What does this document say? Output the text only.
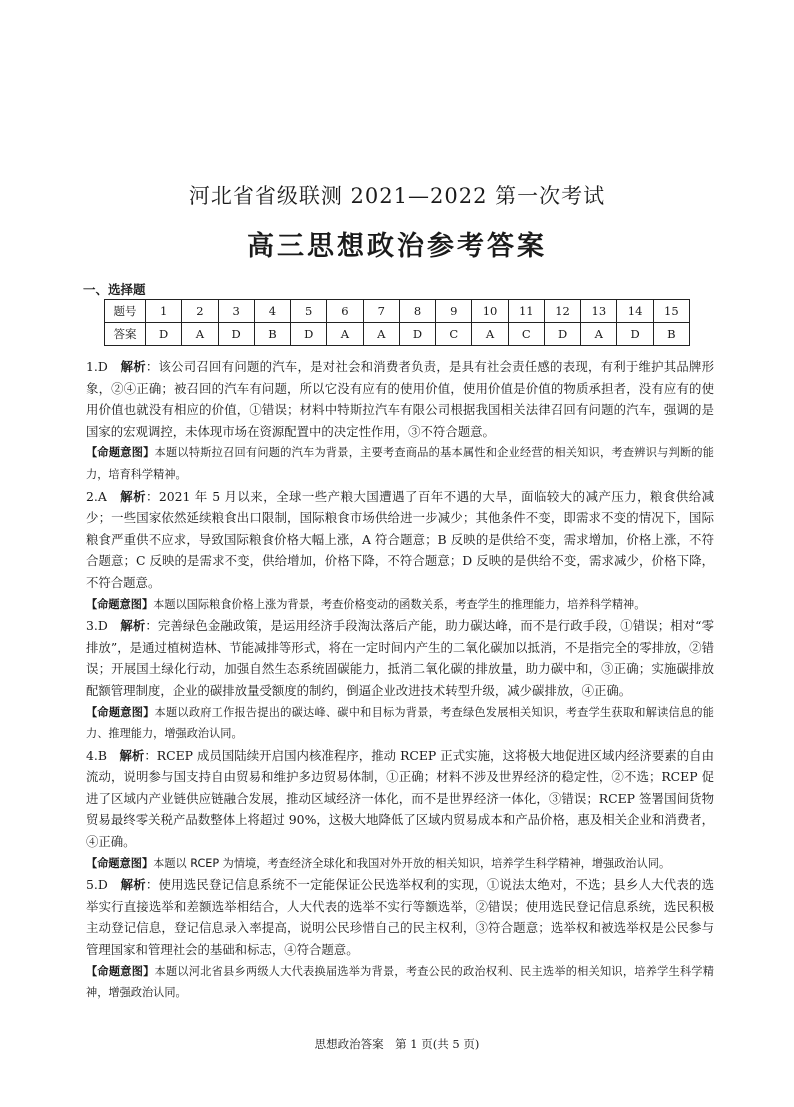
河北省省级联测 2021—2022 第一次考试
高三思想政治参考答案
一、选择题
题号	1	2	3	4	5	6	7	8	9	10	11	12	13	14	15
答案	D	A	D	B	D	A	A	D	C	A	C	D	A	D	B

1.D　 解析：该公司召回有问题的汽车，是对社会和消费者负责，是具有社会责任感的表现，有利于维护其品牌形象，②④正确；被召回的汽车有问题，所以它没有应有的使用价值，使用价值是价值的物质承担者，没有应有的使用价值也就没有相应的价值，①错误；材料中特斯拉汽车有限公司根据我国相关法律召回有问题的汽车，强调的是国家的宏观调控，未体现市场在资源配置中的决定性作用，③不符合题意。

【命题意图】本题以特斯拉召回有问题的汽车为背景，主要考查商品的基本属性和企业经营的相关知识，考查辨识与判断的能力，培育科学精神。

2.A　 解析：2021 年 5 月以来，全球一些产粮大国遭遇了百年不遇的大旱，面临较大的减产压力，粮食供给减少；一些国家依然延续粮食出口限制，国际粮食市场供给进一步减少；其他条件不变，即需求不变的情况下，国际粮食严重供不应求，导致国际粮食价格大幅上涨，A 符合题意；B 反映的是供给不变，需求增加，价格上涨，不符合题意；C 反映的是需求不变，供给增加，价格下降，不符合题意；D 反映的是供给不变，需求减少，价格下降，不符合题意。

【命题意图】本题以国际粮食价格上涨为背景，考查价格变动的函数关系，考查学生的推理能力，培养科学精神。

3.D　 解析：完善绿色金融政策，是运用经济手段淘汰落后产能，助力碳达峰，而不是行政手段，①错误；相对“零排放”，是通过植树造林、节能减排等形式，将在一定时间内产生的二氧化碳加以抵消，不是指完全的零排放，②错误；开展国土绿化行动，加强自然生态系统固碳能力，抵消二氧化碳的排放量，助力碳中和，③正确；实施碳排放配额管理制度，企业的碳排放量受额度的制约，倒逼企业改进技术转型升级，减少碳排放，④正确。

【命题意图】本题以政府工作报告提出的碳达峰、碳中和目标为背景，考查绿色发展相关知识，考查学生获取和解读信息的能力、推理能力，增强政治认同。

4.B　 解析：RCEP 成员国陆续开启国内核准程序，推动 RCEP 正式实施，这将极大地促进区域内经济要素的自由流动，说明参与国支持自由贸易和维护多边贸易体制，①正确；材料不涉及世界经济的稳定性，②不选；RCEP 促进了区域内产业链供应链融合发展，推动区域经济一体化，而不是世界经济一体化，③错误；RCEP 签署国间货物贸易最终零关税产品数整体上将超过 90%，这极大地降低了区域内贸易成本和产品价格，惠及相关企业和消费者，④正确。

【命题意图】本题以 RCEP 为情境，考查经济全球化和我国对外开放的相关知识，培养学生科学精神，增强政治认同。

5.D　 解析：使用选民登记信息系统不一定能保证公民选举权利的实现，①说法太绝对，不选；县乡人大代表的选举实行直接选举和差额选举相结合，人大代表的选举不实行等额选举，②错误；使用选民登记信息系统，选民积极主动登记信息，登记信息录入率提高，说明公民珍惜自己的民主权利，③符合题意；选举权和被选举权是公民参与管理国家和管理社会的基础和标志，④符合题意。

【命题意图】本题以河北省县乡两级人大代表换届选举为背景，考查公民的政治权利、民主选举的相关知识，培养学生科学精神，增强政治认同。

思想政治答案　第 1 页(共 5 页)
